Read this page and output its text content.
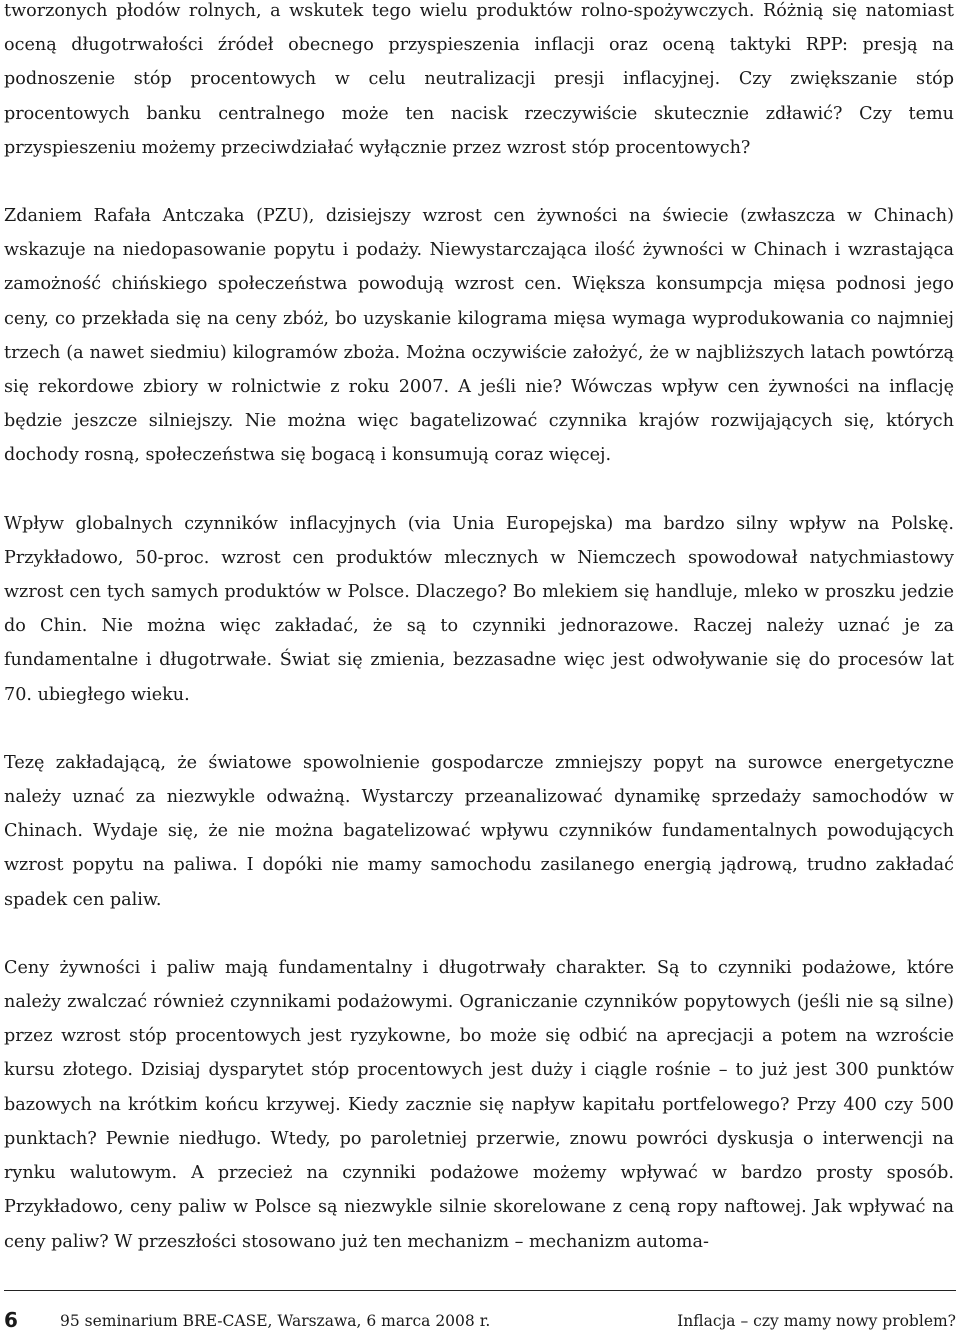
tworzonych płodów rolnych, a wskutek tego wielu produktów rolno-spożywczych. Różnią się natomiast oceną długotrwałości źródeł obecnego przyspieszenia inflacji oraz oceną taktyki RPP: presją na podnoszenie stóp procentowych w celu neutralizacji presji inflacyjnej. Czy zwiększanie stóp procentowych banku centralnego może ten nacisk rzeczywiście skutecznie zdławić? Czy temu przyspieszeniu możemy przeciwdziałać wyłącznie przez wzrost stóp procentowych?

Zdaniem Rafała Antczaka (PZU), dzisiejszy wzrost cen żywności na świecie (zwłaszcza w Chinach) wskazuje na niedopasowanie popytu i podaży. Niewystarczająca ilość żywności w Chinach i wzrastająca zamożność chińskiego społeczeństwa powodują wzrost cen. Większa konsumpcja mięsa podnosi jego ceny, co przekłada się na ceny zbóż, bo uzyskanie kilograma mięsa wymaga wyprodukowania co najmniej trzech (a nawet siedmiu) kilogramów zboża. Można oczywiście założyć, że w najbliższych latach powtórzą się rekordowe zbiory w rolnictwie z roku 2007. A jeśli nie? Wówczas wpływ cen żywności na inflację będzie jeszcze silniejszy. Nie można więc bagatelizować czynnika krajów rozwijających się, których dochody rosną, społeczeństwa się bogacą i konsumują coraz więcej.

Wpływ globalnych czynników inflacyjnych (via Unia Europejska) ma bardzo silny wpływ na Polskę. Przykładowo, 50-proc. wzrost cen produktów mlecznych w Niemczech spowodował natychmiastowy wzrost cen tych samych produktów w Polsce. Dlaczego? Bo mlekiem się handluje, mleko w proszku jedzie do Chin. Nie można więc zakładać, że są to czynniki jednorazowe. Raczej należy uznać je za fundamentalne i długotrwałe. Świat się zmienia, bezzasadne więc jest odwoływanie się do procesów lat 70. ubiegłego wieku.

Tezę zakładającą, że światowe spowolnienie gospodarcze zmniejszy popyt na surowce energetyczne należy uznać za niezwykle odważną. Wystarczy przeanalizować dynamikę sprzedaży samochodów w Chinach. Wydaje się, że nie można bagatelizować wpływu czynników fundamentalnych powodujących wzrost popytu na paliwa. I dopóki nie mamy samochodu zasilanego energią jądrową, trudno zakładać spadek cen paliw.

Ceny żywności i paliw mają fundamentalny i długotrwały charakter. Są to czynniki podażowe, które należy zwalczać również czynnikami podażowymi. Ograniczanie czynników popytowych (jeśli nie są silne) przez wzrost stóp procentowych jest ryzykowne, bo może się odbić na aprecjacji a potem na wzroście kursu złotego. Dzisiaj dysparytet stóp procentowych jest duży i ciągle rośnie – to już jest 300 punktów bazowych na krótkim końcu krzywej. Kiedy zacznie się napływ kapitału portfelowego? Przy 400 czy 500 punktach? Pewnie niedługo. Wtedy, po paroletniej przerwie, znowu powróci dyskusja o interwencji na rynku walutowym. A przecież na czynniki podażowe możemy wpływać w bardzo prosty sposób. Przykładowo, ceny paliw w Polsce są niezwykle silnie skorelowane z ceną ropy naftowej. Jak wpływać na ceny paliw? W przeszłości stosowano już ten mechanizm – mechanizm automa-

6	95 seminarium BRE-CASE, Warszawa, 6 marca 2008 r.	Inflacja – czy mamy nowy problem?
